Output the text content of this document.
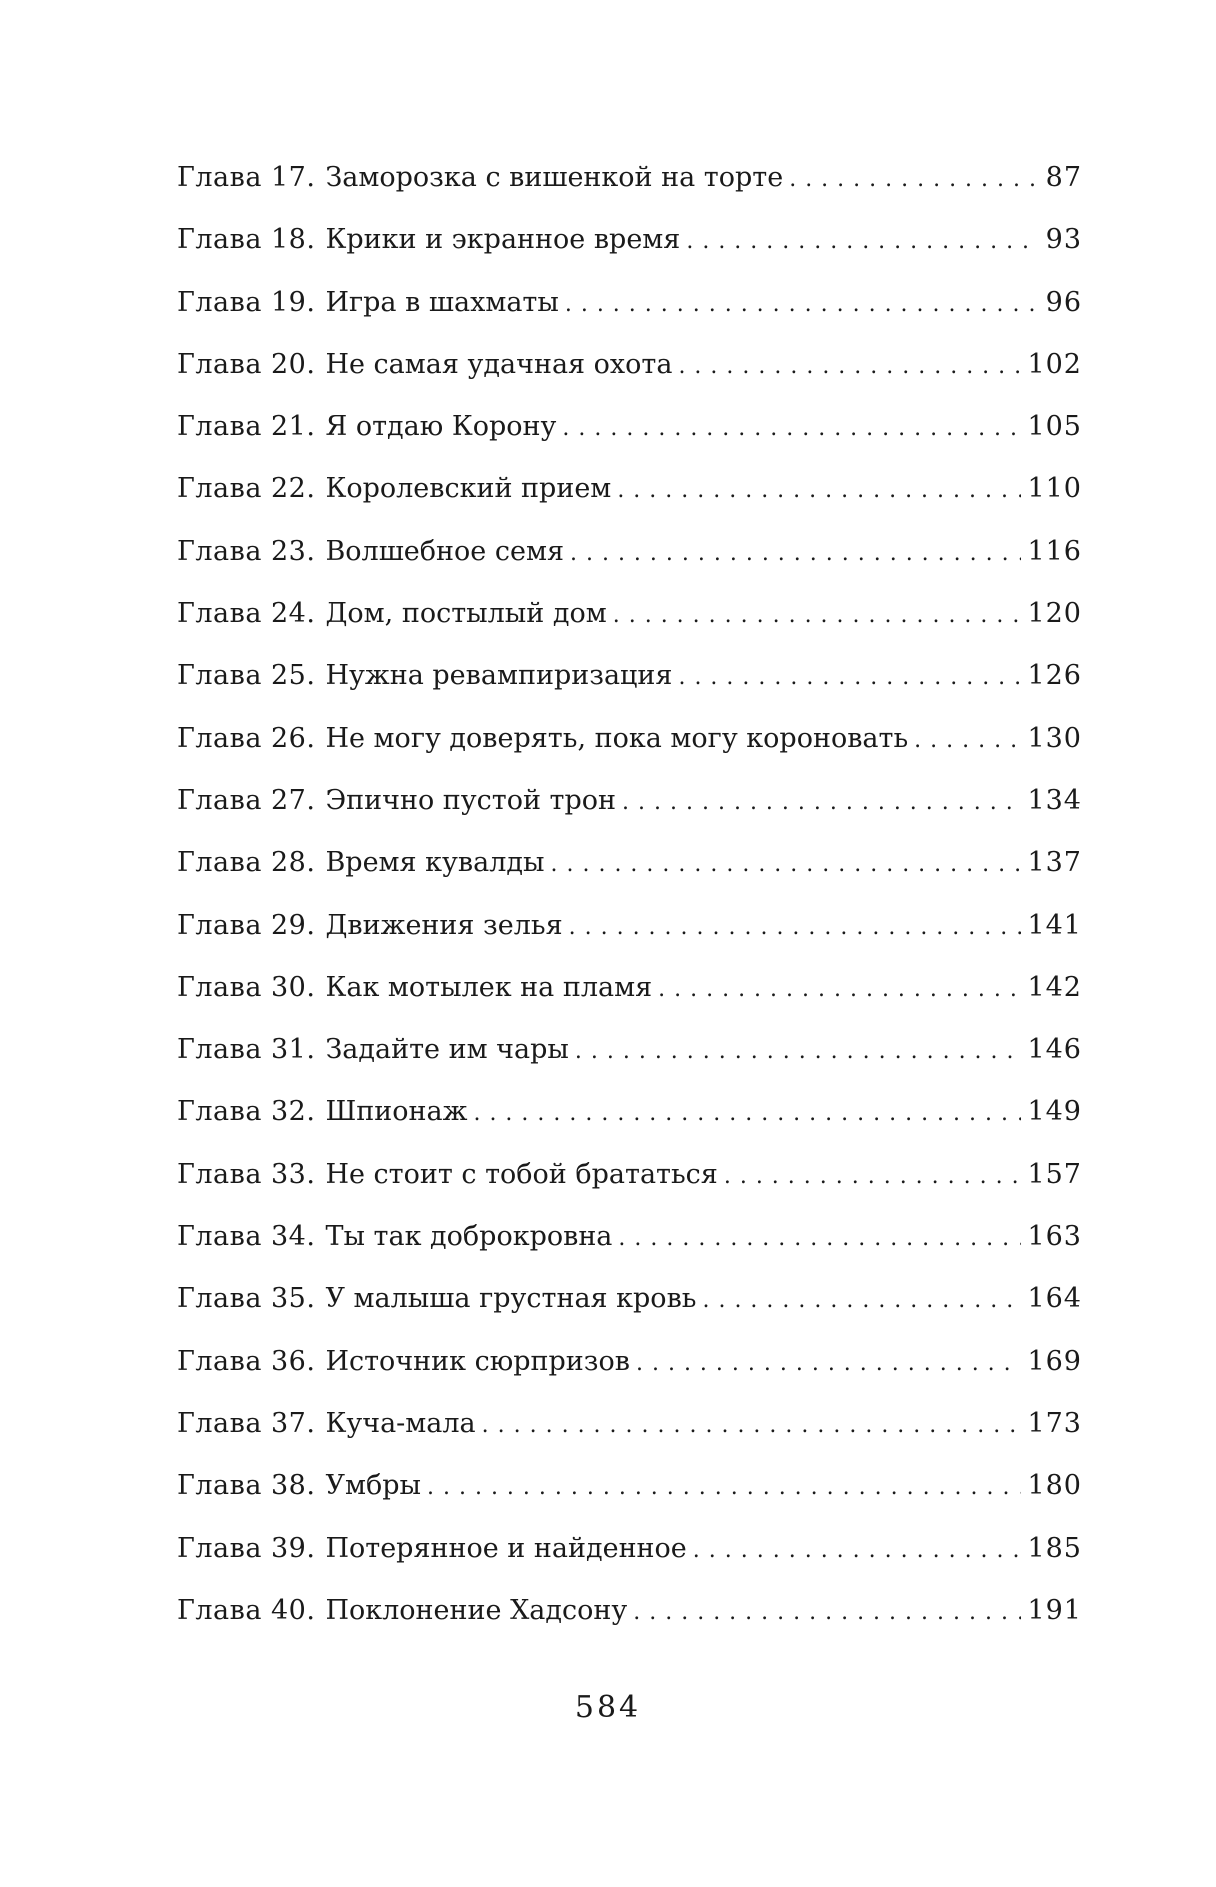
Глава 17. Заморозка с вишенкой на торте . . .	87
Глава 18. Крики и экранное время . . .	93
Глава 19. Игра в шахматы . . .	96
Глава 20. Не самая удачная охота . . .	102
Глава 21. Я отдаю Корону . . .	105
Глава 22. Королевский прием . . .	110
Глава 23. Волшебное семя . . .	116
Глава 24. Дом, постылый дом . . .	120
Глава 25. Нужна ревампиризация . . .	126
Глава 26. Не могу доверять, пока могу короновать . . .	130
Глава 27. Эпично пустой трон . . .	134
Глава 28. Время кувалды . . .	137
Глава 29. Движения зелья . . .	141
Глава 30. Как мотылек на пламя . . .	142
Глава 31. Задайте им чары . . .	146
Глава 32. Шпионаж . . .	149
Глава 33. Не стоит с тобой брататься . . .	157
Глава 34. Ты так доброкровна . . .	163
Глава 35. У малыша грустная кровь . . .	164
Глава 36. Источник сюрпризов . . .	169
Глава 37. Куча-мала . . .	173
Глава 38. Умбры . . .	180
Глава 39. Потерянное и найденное . . .	185
Глава 40. Поклонение Хадсону . . .	191
584
